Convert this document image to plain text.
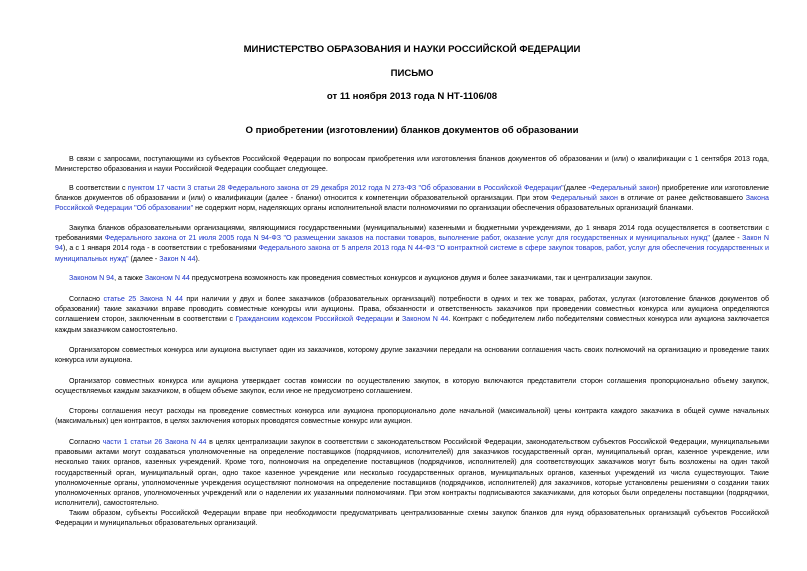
МИНИСТЕРСТВО ОБРАЗОВАНИЯ И НАУКИ РОССИЙСКОЙ ФЕДЕРАЦИИ

ПИСЬМО

от 11 ноября 2013 года N НТ-1106/08

О приобретении (изготовлении) бланков документов об образовании

В связи с запросами, поступающими из субъектов Российской Федерации по вопросам приобретения или изготовления бланков документов об образовании и (или) о квалификации с 1 сентября 2013 года, Министерство образования и науки Российской Федерации сообщает следующее.

В соответствии с пунктом 17 части 3 статьи 28 Федерального закона от 29 декабря 2012 года N 273-ФЗ "Об образовании в Российской Федерации"(далее -Федеральный закон) приобретение или изготовление бланков документов об образовании и (или) о квалификации (далее - бланки) относится к компетенции образовательной организации. При этом Федеральный закон в отличие от ранее действовавшего Закона Российской Федерации "Об образовании" не содержит норм, наделяющих органы исполнительной власти полномочиями по организации обеспечения образовательных организаций бланками.

Закупка бланков образовательными организациями, являющимися государственными (муниципальными) казенными и бюджетными учреждениями, до 1 января 2014 года осуществляется в соответствии с требованиями Федерального закона от 21 июля 2005 года N 94-ФЗ "О размещении заказов на поставки товаров, выполнение работ, оказание услуг для государственных и муниципальных нужд" (далее - Закон N 94), а с 1 января 2014 года - в соответствии с требованиями Федерального закона от 5 апреля 2013 года N 44-ФЗ "О контрактной системе в сфере закупок товаров, работ, услуг для обеспечения государственных и муниципальных нужд" (далее - Закон N 44).

Законом N 94, а также Законом N 44 предусмотрена возможность как проведения совместных конкурсов и аукционов двумя и более заказчиками, так и централизации закупок.

Согласно статье 25 Закона N 44 при наличии у двух и более заказчиков (образовательных организаций) потребности в одних и тех же товарах, работах, услугах (изготовление бланков документов об образовании) такие заказчики вправе проводить совместные конкурсы или аукционы. Права, обязанности и ответственность заказчиков при проведении совместных конкурса или аукциона определяются соглашением сторон, заключенным в соответствии с Гражданским кодексом Российской Федерации и Законом N 44. Контракт с победителем либо победителями совместных конкурса или аукциона заключается каждым заказчиком самостоятельно.

Организатором совместных конкурса или аукциона выступает один из заказчиков, которому другие заказчики передали на основании соглашения часть своих полномочий на организацию и проведение таких конкурса или аукциона.

Организатор совместных конкурса или аукциона утверждает состав комиссии по осуществлению закупок, в которую включаются представители сторон соглашения пропорционально объему закупок, осуществляемых каждым заказчиком, в общем объеме закупок, если иное не предусмотрено соглашением.

Стороны соглашения несут расходы на проведение совместных конкурса или аукциона пропорционально доле начальной (максимальной) цены контракта каждого заказчика в общей сумме начальных (максимальных) цен контрактов, в целях заключения которых проводятся совместные конкурс или аукцион.

Согласно части 1 статьи 26 Закона N 44 в целях централизации закупок в соответствии с законодательством Российской Федерации, законодательством субъектов Российской Федерации, муниципальными правовыми актами могут создаваться уполномоченные на определение поставщиков (подрядчиков, исполнителей) для заказчиков государственный орган, муниципальный орган, казенное учреждение, или несколько таких органов, казенных учреждений. Кроме того, полномочия на определение поставщиков (подрядчиков, исполнителей) для соответствующих заказчиков могут быть возложены на один такой государственный орган, муниципальный орган, одно такое казенное учреждение или несколько государственных органов, муниципальных органов, казенных учреждений из числа существующих. Такие уполномоченные органы, уполномоченные учреждения осуществляют полномочия на определение поставщиков (подрядчиков, исполнителей) для заказчиков, которые установлены решениями о создании таких уполномоченных органов, уполномоченных учреждений или о наделении их указанными полномочиями. При этом контракты подписываются заказчиками, для которых были определены поставщики (подрядчики, исполнители), самостоятельно.

Таким образом, субъекты Российской Федерации вправе при необходимости предусматривать централизованные схемы закупок бланков для нужд образовательных организаций субъектов Российской Федерации и муниципальных образовательных организаций.
